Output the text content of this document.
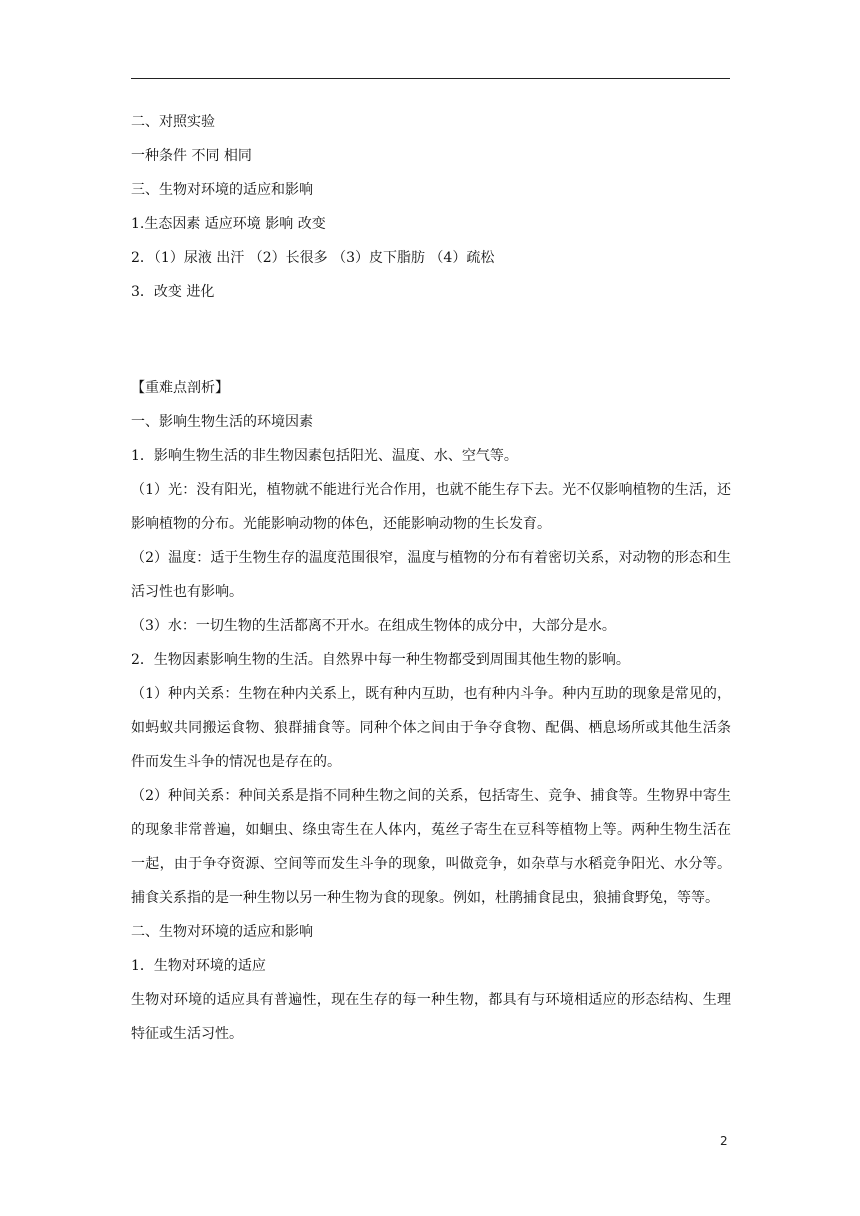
二、对照实验

一种条件 不同 相同

三、生物对环境的适应和影响

1.生态因素 适应环境 影响 改变

2．（1）尿液 出汗 （2）长很多 （3）皮下脂肪 （4）疏松

3．改变 进化

【重难点剖析】

一、影响生物生活的环境因素

1．影响生物生活的非生物因素包括阳光、温度、水、空气等。

（1）光：没有阳光，植物就不能进行光合作用，也就不能生存下去。光不仅影响植物的生活，还影响植物的分布。光能影响动物的体色，还能影响动物的生长发育。

（2）温度：适于生物生存的温度范围很窄，温度与植物的分布有着密切关系，对动物的形态和生活习性也有影响。

（3）水：一切生物的生活都离不开水。在组成生物体的成分中，大部分是水。

2．生物因素影响生物的生活。自然界中每一种生物都受到周围其他生物的影响。

（1）种内关系：生物在种内关系上，既有种内互助，也有种内斗争。种内互助的现象是常见的，如蚂蚁共同搬运食物、狼群捕食等。同种个体之间由于争夺食物、配偶、栖息场所或其他生活条件而发生斗争的情况也是存在的。

（2）种间关系：种间关系是指不同种生物之间的关系，包括寄生、竞争、捕食等。生物界中寄生的现象非常普遍，如蛔虫、绦虫寄生在人体内，菟丝子寄生在豆科等植物上等。两种生物生活在一起，由于争夺资源、空间等而发生斗争的现象，叫做竞争，如杂草与水稻竞争阳光、水分等。捕食关系指的是一种生物以另一种生物为食的现象。例如，杜鹃捕食昆虫，狼捕食野兔，等等。

二、生物对环境的适应和影响

1．生物对环境的适应

生物对环境的适应具有普遍性，现在生存的每一种生物，都具有与环境相适应的形态结构、生理特征或生活习性。

2
